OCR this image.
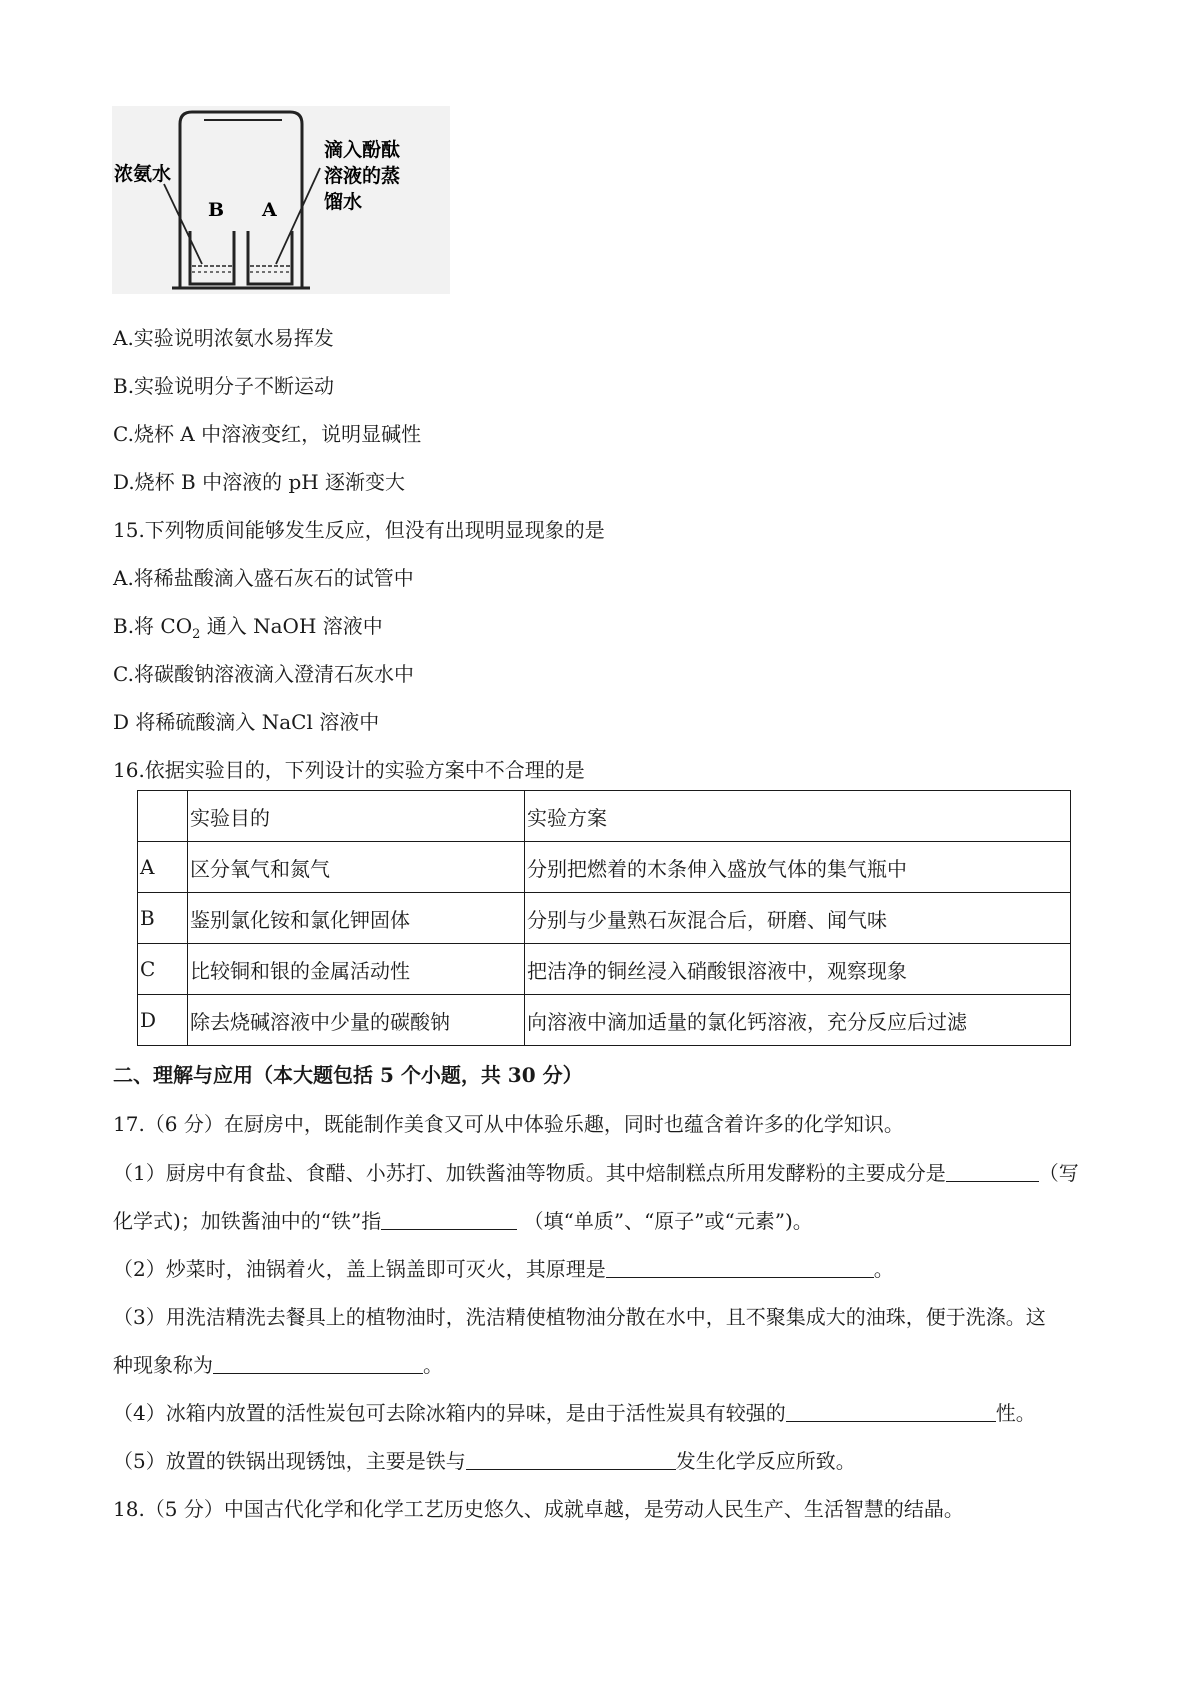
B A
浓氨水
滴入酚酞
溶液的蒸
馏水
A.实验说明浓氨水易挥发
B.实验说明分子不断运动
C.烧杯 A 中溶液变红，说明显碱性
D.烧杯 B 中溶液的 pH 逐渐变大
15.下列物质间能够发生反应，但没有出现明显现象的是
A.将稀盐酸滴入盛石灰石的试管中
B.将 $CO_2$ 通入 NaOH 溶液中
C.将碳酸钠溶液滴入澄清石灰水中
D 将稀硫酸滴入 NaCl 溶液中
16.依据实验目的，下列设计的实验方案中不合理的是
	实验目的	实验方案
A	区分氧气和氮气	分别把燃着的木条伸入盛放气体的集气瓶中
B	鉴别氯化铵和氯化钾固体	分别与少量熟石灰混合后，研磨、闻气味
C	比较铜和银的金属活动性	把洁净的铜丝浸入硝酸银溶液中，观察现象
D	除去烧碱溶液中少量的碳酸钠	向溶液中滴加适量的氯化钙溶液，充分反应后过滤
二、理解与应用（本大题包括 5 个小题，共 30 分）
17.（6 分）在厨房中，既能制作美食又可从中体验乐趣，同时也蕴含着许多的化学知识。
（1）厨房中有食盐、食醋、小苏打、加铁酱油等物质。其中焙制糕点所用发酵粉的主要成分是	（写
化学式)；加铁酱油中的“铁”指	（填“单质”、“原子”或“元素”)。
（2）炒菜时，油锅着火，盖上锅盖即可灭火，其原理是	。
（3）用洗洁精洗去餐具上的植物油时，洗洁精使植物油分散在水中，且不聚集成大的油珠，便于洗涤。这
种现象称为	。
（4）冰箱内放置的活性炭包可去除冰箱内的异味，是由于活性炭具有较强的	性。
（5）放置的铁锅出现锈蚀，主要是铁与	发生化学反应所致。
18.（5 分）中国古代化学和化学工艺历史悠久、成就卓越，是劳动人民生产、生活智慧的结晶。
